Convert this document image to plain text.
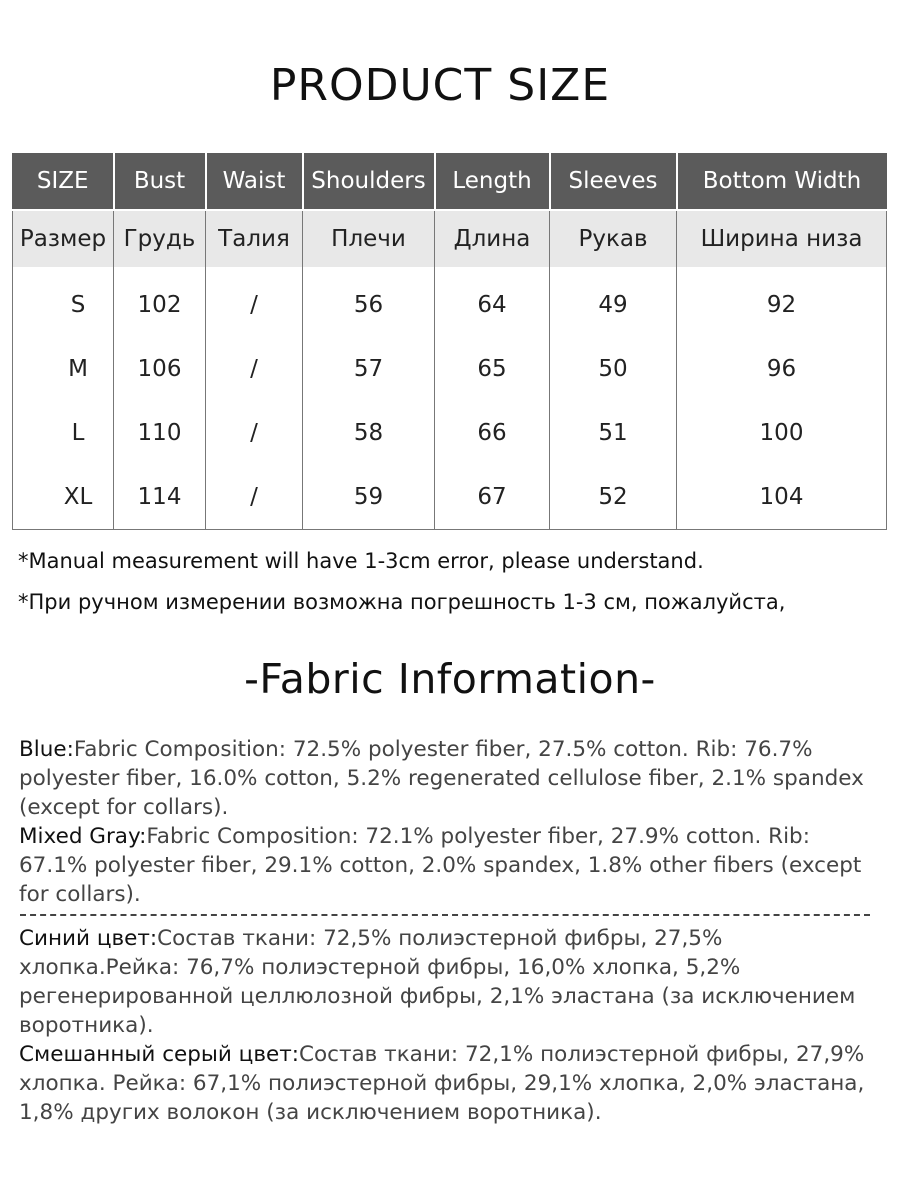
PRODUCT SIZE
SIZE	Bust	Waist	Shoulders	Length	Sleeves	Bottom Width
Размер	Грудь	Талия	Плечи	Длина	Рукав	Ширина низа
S	102	/	56	64	49	92
M	106	/	57	65	50	96
L	110	/	58	66	51	100
XL	114	/	59	67	52	104
*Manual measurement will have 1-3cm error, please understand.
*При ручном измерении возможна погрешность 1-3 см, пожалуйста,
-Fabric Information-
Blue:Fabric Composition: 72.5% polyester fiber, 27.5% cotton. Rib: 76.7% polyester fiber, 16.0% cotton, 5.2% regenerated cellulose fiber, 2.1% spandex (except for collars).
Mixed Gray:Fabric Composition: 72.1% polyester fiber, 27.9% cotton. Rib: 67.1% polyester fiber, 29.1% cotton, 2.0% spandex, 1.8% other fibers (except for collars).
Синий цвет:Состав ткани: 72,5% полиэстерной фибры, 27,5% хлопка.Рейка: 76,7% полиэстерной фибры, 16,0% хлопка, 5,2% регенерированной целлюлозной фибры, 2,1% эластана (за исключением воротника).
Смешанный серый цвет:Состав ткани: 72,1% полиэстерной фибры, 27,9% хлопка. Рейка: 67,1% полиэстерной фибры, 29,1% хлопка, 2,0% эластана, 1,8% других волокон (за исключением воротника).
